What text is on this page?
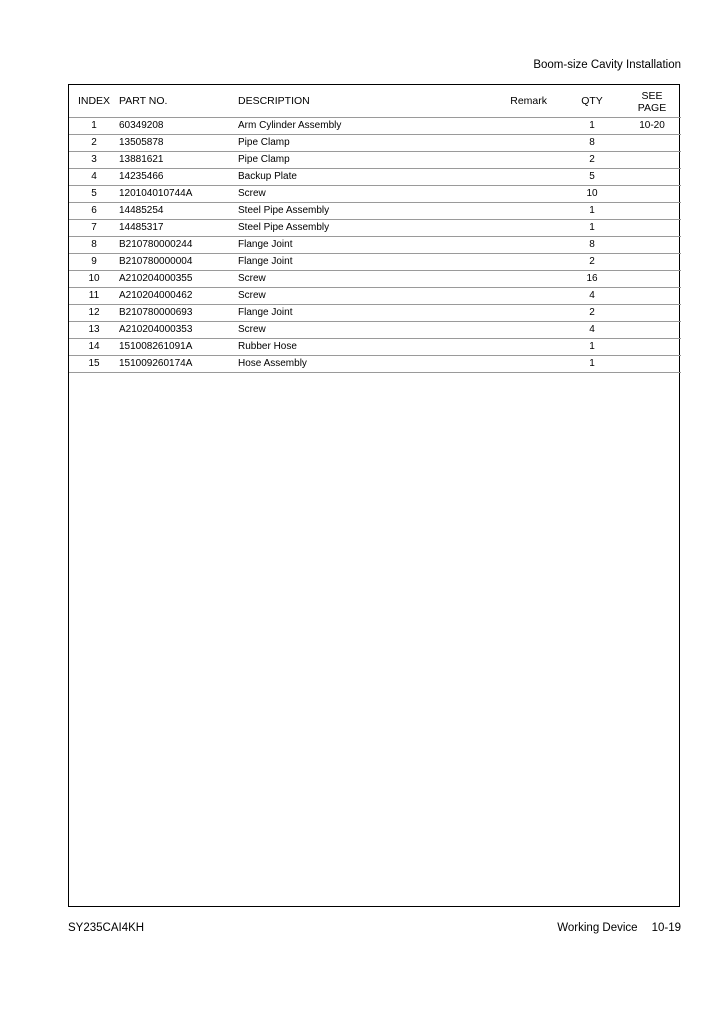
Boom-size Cavity Installation
INDEX	PART NO.	DESCRIPTION	Remark	QTY	SEE
PAGE

1	60349208	Arm Cylinder Assembly		1	10-20
2	13505878	Pipe Clamp		8	
3	13881621	Pipe Clamp		2	
4	14235466	Backup Plate		5	
5	120104010744A	Screw		10	
6	14485254	Steel Pipe Assembly		1	
7	14485317	Steel Pipe Assembly		1	
8	B210780000244	Flange Joint		8	
9	B210780000004	Flange Joint		2	
10	A210204000355	Screw		16	
11	A210204000462	Screw		4	
12	B210780000693	Flange Joint		2	
13	A210204000353	Screw		4	
14	151008261091A	Rubber Hose		1	
15	151009260174A	Hose Assembly		1	
SY235CAI4KH	Working Device 10-19
